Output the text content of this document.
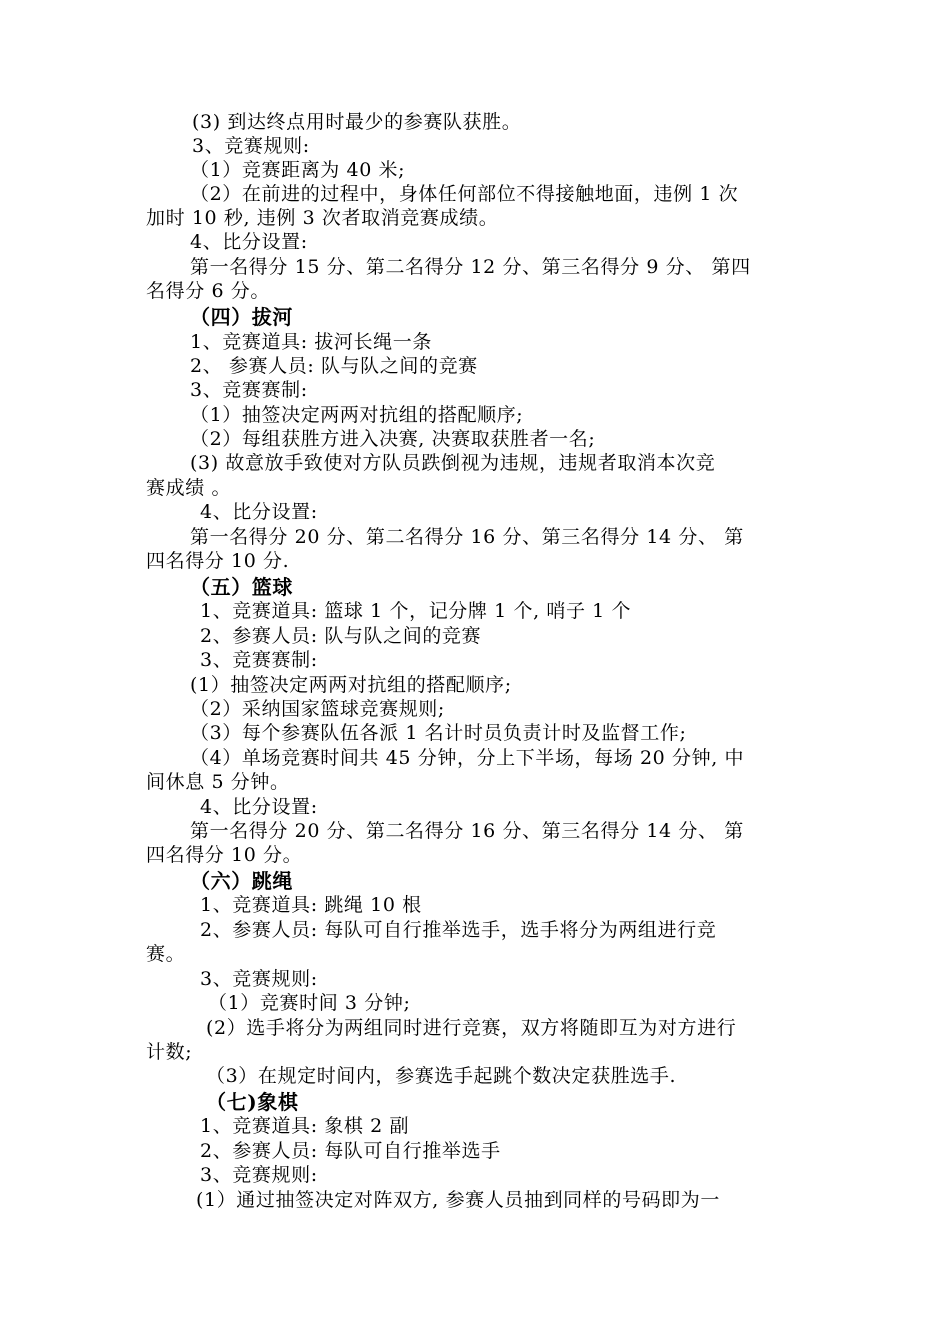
(3) 到达终点用时最少的参赛队获胜。
3、竞赛规则:
（1）竞赛距离为 40 米;
（2）在前进的过程中，身体任何部位不得接触地面，违例 1 次
加时 10 秒, 违例 3 次者取消竞赛成绩。
4、比分设置:
第一名得分 15 分、第二名得分 12 分、第三名得分 9 分、 第四
名得分 6 分。
（四）拔河
1、竞赛道具: 拔河长绳一条
2、 参赛人员: 队与队之间的竞赛
3、竞赛赛制:
（1）抽签决定两两对抗组的搭配顺序;
（2）每组获胜方进入决赛, 决赛取获胜者一名;
(3) 故意放手致使对方队员跌倒视为违规，违规者取消本次竞
赛成绩 。
4、比分设置:
第一名得分 20 分、第二名得分 16 分、第三名得分 14 分、 第
四名得分 10 分.
（五）篮球
1、竞赛道具: 篮球 1 个，记分牌 1 个, 哨子 1 个
2、参赛人员: 队与队之间的竞赛
3、竞赛赛制:
(1）抽签决定两两对抗组的搭配顺序;
（2）采纳国家篮球竞赛规则;
（3）每个参赛队伍各派 1 名计时员负责计时及监督工作;
（4）单场竞赛时间共 45 分钟，分上下半场，每场 20 分钟, 中
间休息 5 分钟。
4、比分设置:
第一名得分 20 分、第二名得分 16 分、第三名得分 14 分、 第
四名得分 10 分。
（六）跳绳
1、竞赛道具: 跳绳 10 根
2、参赛人员: 每队可自行推举选手，选手将分为两组进行竞
赛。
3、竞赛规则:
（1）竞赛时间 3 分钟;
(2）选手将分为两组同时进行竞赛，双方将随即互为对方进行
计数;
（3）在规定时间内，参赛选手起跳个数决定获胜选手.
（七)象棋
1、竞赛道具: 象棋 2 副
2、参赛人员: 每队可自行推举选手
3、竞赛规则:
(1）通过抽签决定对阵双方, 参赛人员抽到同样的号码即为一
